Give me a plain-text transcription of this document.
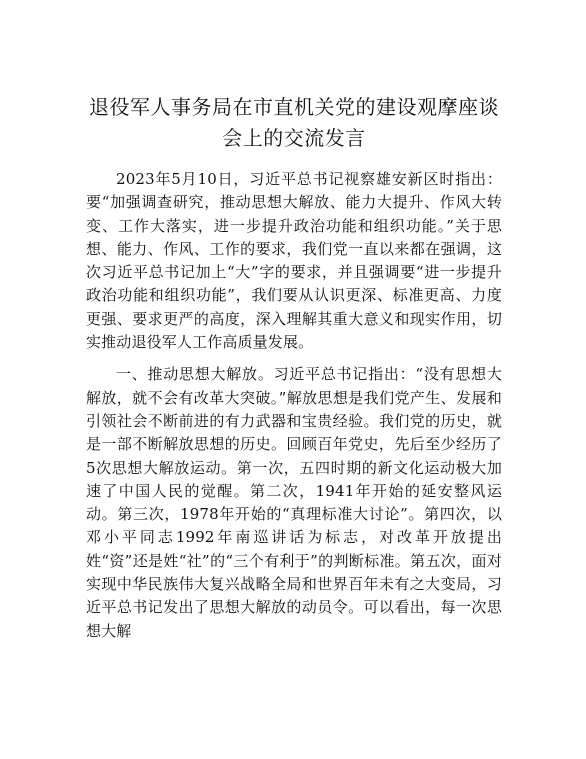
退役军人事务局在市直机关党的建设观摩座谈
会上的交流发言

2023年5月10日，习近平总书记视察雄安新区时指出：要“加强调查研究，推动思想大解放、能力大提升、作风大转变、工作大落实，进一步提升政治功能和组织功能。”关于思想、能力、作风、工作的要求，我们党一直以来都在强调，这次习近平总书记加上“大”字的要求，并且强调要“进一步提升政治功能和组织功能”，我们要从认识更深、标准更高、力度更强、要求更严的高度，深入理解其重大意义和现实作用，切实推动退役军人工作高质量发展。

一、推动思想大解放。习近平总书记指出：“没有思想大解放，就不会有改革大突破。”解放思想是我们党产生、发展和引领社会不断前进的有力武器和宝贵经验。我们党的历史，就是一部不断解放思想的历史。回顾百年党史，先后至少经历了5次思想大解放运动。第一次，五四时期的新文化运动极大加速了中国人民的觉醒。第二次，1941年开始的延安整风运动。第三次，1978年开始的“真理标准大讨论”。第四次，以邓小平同志1992年南巡讲话为标志，对改革开放提出姓“资”还是姓“社”的“三个有利于”的判断标准。第五次，面对实现中华民族伟大复兴战略全局和世界百年未有之大变局，习近平总书记发出了思想大解放的动员令。可以看出，每一次思想大解
